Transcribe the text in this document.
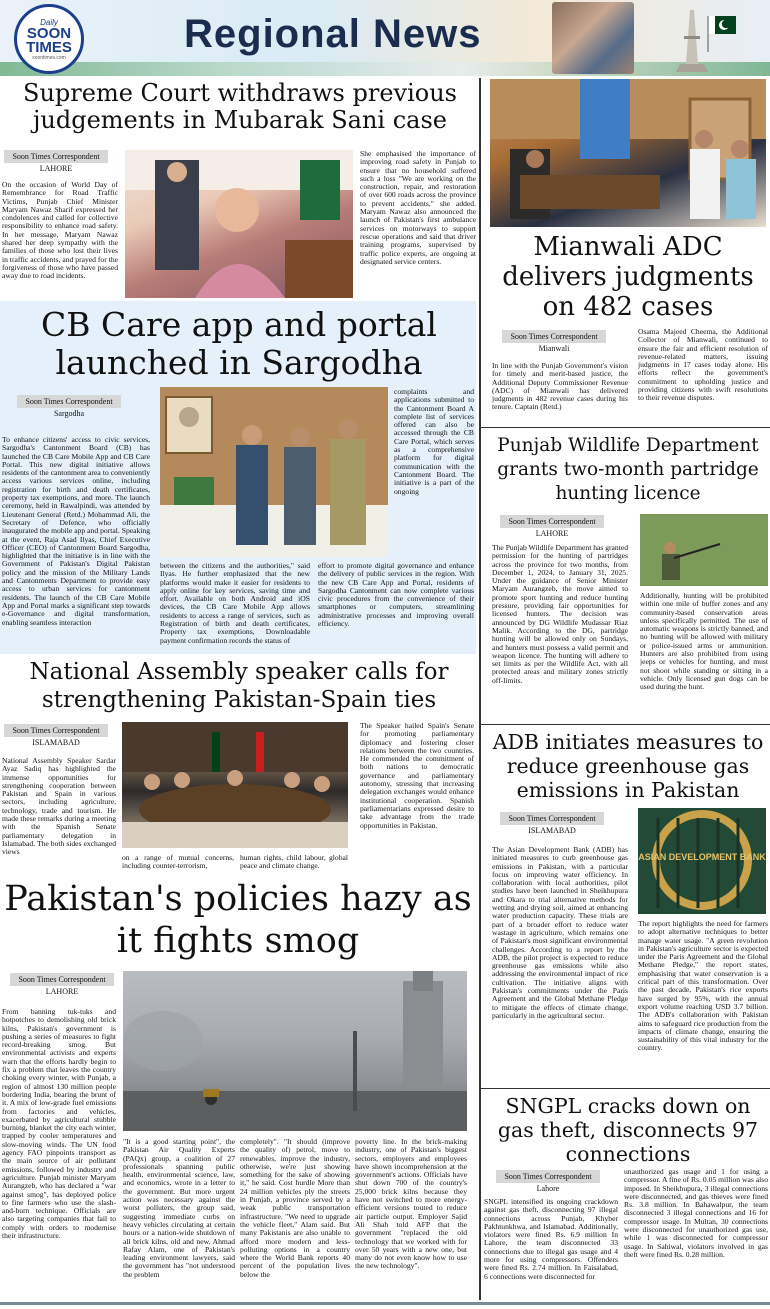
Daily
SOON
TIMES
soontimes.com
Regional News
Supreme Court withdraws previous judgements in Mubarak Sani case
Soon Times Correspondent
LAHORE
On the occasion of World Day of Remembrance for Road Traffic Victims, Punjab Chief Minister Maryam Nawaz Sharif expressed her condolences and called for collective responsibility to enhance road safety. In her message, Maryam Nawaz shared her deep sympathy with the families of those who lost their lives in traffic accidents, and prayed for the forgiveness of those who have passed away due to road incidents.
She emphasised the importance of improving road safety in Punjab to ensure that no household suffered such a loss "We are working on the construction, repair, and restoration of over 600 roads across the province to prevent accidents," she added. Maryam Nawaz also announced the launch of Pakistan's first ambulance services on motorways to support rescue operations and said that driver training programs, supervised by traffic police experts, are ongoing at designated service centers.
CB Care app and portal launched in Sargodha
Soon Times Correspondent
Sargodha
To enhance citizens' access to civic services, Sargodha's Cantonment Board (CB) has launched the CB Care Mobile App and CB Care Portal. This new digital initiative allows residents of the cantonment area to conveniently access various services online, including registration for birth and death certificates, property tax exemptions, and more. The launch ceremony, held in Rawalpindi, was attended by Lieutenant General (Retd.) Mohammad Ali, the Secretary of Defence, who officially inaugurated the mobile app and portal. Speaking at the event, Raja Asad Ilyas, Chief Executive Officer (CEO) of Cantonment Board Sargodha, highlighted that the initiative is in line with the Government of Pakistan's Digital Pakistan policy and the mission of the Military Lands and Cantonments Department to provide easy access to urban services for cantonment residents. The launch of the CB Care Mobile App and Portal marks a significant step towards e-Governance and digital transformation, enabling seamless interaction
complaints and applications submitted to the Cantonment Board A complete list of services offered can also be accessed through the CB Care Portal, which serves as a comprehensive platform for digital communication with the Cantonment Board. The initiative is a part of the ongoing
between the citizens and the authorities," said Ilyas. He further emphasized that the new platforms would make it easier for residents to apply online for key services, saving time and effort. Available on both Android and iOS devices, the CB Care Mobile App allows residents to access a range of services, such as Registration of birth and death certificates, Property tax exemptions, Downloadable payment confirmation records the status of
effort to promote digital governance and enhance the delivery of public services in the region. With the new CB Care App and Portal, residents of Sargodha Cantonment can now complete various civic procedures from the convenience of their smartphones or computers, streamlining administrative processes and improving overall efficiency.
National Assembly speaker calls for strengthening Pakistan-Spain ties
Soon Times Correspondent
ISLAMABAD
National Assembly Speaker Sardar Ayaz Sadiq has highlighted the immense opportunities for strengthening cooperation between Pakistan and Spain in various sectors, including agriculture, technology, trade and tourism. He made these remarks during a meeting with the Spanish Senate parliamentary delegation in Islamabad. The both sides exchanged views
on a range of mutual concerns, including counter-terrorism,
human rights, child labour, global peace and climate change.
The Speaker hailed Spain's Senate for promoting parliamentary diplomacy and fostering closer relations between the two countries. He commended the commitment of both nations to democratic governance and parliamentary autonomy, stressing that increasing delegation exchanges would enhance institutional cooperation. Spanish parliamentarians expressed desire to take advantage from the trade opportunities in Pakistan.
Pakistan's policies hazy as it fights smog
Soon Times Correspondent
LAHORE
From banning tuk-tuks and hotpotches to demolishing old brick kilns, Pakistan's government is pushing a series of measures to fight record-breaking smog. But environmental activists and experts warn that the efforts hardly begin to fix a problem that leaves the country choking every winter, with Punjab, a region of almost 130 million people bordering India, bearing the brunt of it. A mix of low-grade fuel emissions from factories and vehicles, exacerbated by agricultural stubble burning, blanket the city each winter, trapped by cooler temperatures and slow-moving winds. The UN food agency FAO pinpoints transport as the main source of air pollutant emissions, followed by industry and agriculture. Punjab minister Maryam Aurangzeb, who has declared a "war against smog", has deployed police to fine farmers who use the slash-and-burn technique. Officials are also targeting companies that fail to comply with orders to modernise their infrastructure.
"It is a good starting point", the Pakistan Air Quality Experts (PAQx) group, a coalition of 27 professionals spanning public health, environmental science, law, and economics, wrote in a letter to the government. But more urgent action was necessary against the worst polluters, the group said, suggesting immediate curbs on heavy vehicles circulating at certain hours or a nation-wide shutdown of all brick kilns, old and new. Ahmad Rafay Alam, one of Pakistan's leading environment lawyers, said the government has "not understood the problem
completely". "It should (improve the quality of) petrol, move to renewables, improve the industry, otherwise, we're just showing something for the sake of showing it," he said. Cost hurdle More than 24 million vehicles ply the streets in Punjab, a province served by a weak public transportation infrastructure. "We need to upgrade the vehicle fleet," Alam said. But many Pakistanis are also unable to afford more modern and less-polluting options in a country where the World Bank reports 40 percent of the population lives below the
poverty line. In the brick-making industry, one of Pakistan's biggest sectors, employers and employees have shown incomprehension at the government's actions. Officials have shut down 700 of the country's 25,000 brick kilns because they have not switched to more energy-efficient versions touted to reduce air particle output. Employer Sajid Ali Shah told AFP that the government "replaced the old technology that we worked with for over 50 years with a new one, but many do not even know how to use the new technology".
Mianwali ADC delivers judgments on 482 cases
Soon Times Correspondent
Mianwali
In line with the Punjab Government's vision for timely and merit-based justice, the Additional Deputy Commissioner Revenue (ADC) of Mianwali has delivered judgments in 482 revenue cases during his tenure. Captain (Retd.)
Osama Majeed Cheema, the Additional Collector of Mianwali, continued to ensure the fair and efficient resolution of revenue-related matters, issuing judgments in 17 cases today alone. His efforts reflect the government's commitment to upholding justice and providing citizens with swift resolutions to their revenue disputes.
Punjab Wildlife Department grants two-month partridge hunting licence
Soon Times Correspondent
LAHORE
The Punjab Wildlife Department has granted permission for the hunting of partridges across the province for two months, from December 1, 2024, to January 31, 2025. Under the guidance of Senior Minister Maryam Aurangzeb, the move aimed to promote sport hunting and reduce hunting pressure, providing fair opportunities for licensed hunters. The decision was announced by DG Wildlife Mudassar Riaz Malik. According to the DG, partridge hunting will be allowed only on Sundays, and hunters must possess a valid permit and weapon licence. The hunting will adhere to set limits as per the Wildlife Act, with all protected areas and military zones strictly off-limits.
Additionally, hunting will be prohibited within one mile of buffer zones and any community-based conservation areas unless specifically permitted. The use of automatic weapons is strictly banned, and no hunting will be allowed with military or police-issued arms or ammunition. Hunters are also prohibited from using jeeps or vehicles for hunting, and must not shoot while standing or sitting in a vehicle. Only licensed gun dogs can be used during the hunt.
ADB initiates measures to reduce greenhouse gas emissions in Pakistan
Soon Times Correspondent
ISLAMABAD
The Asian Development Bank (ADB) has initiated measures to curb greenhouse gas emissions in Pakistan, with a particular focus on improving water efficiency. In collaboration with local authorities, pilot studies have been launched in Sheikhupura and Okara to trial alternative methods for wetting and drying soil, aimed at enhancing water production capacity. These trials are part of a broader effort to reduce water wastage in agriculture, which remains one of Pakistan's most significant environmental challenges. According to a report by the ADB, the pilot project is expected to reduce greenhouse gas emissions while also addressing the environmental impact of rice cultivation. The initiative aligns with Pakistan's commitments under the Paris Agreement and the Global Methane Pledge to mitigate the effects of climate change, particularly in the agricultural sector.
ASIAN DEVELOPMENT BANK
The report highlights the need for farmers to adopt alternative techniques to better manage water usage. "A green revolution in Pakistan's agriculture sector is expected under the Paris Agreement and the Global Methane Pledge," the report states, emphasising that water conservation is a critical part of this transformation. Over the past decade, Pakistan's rice exports have surged by 95%, with the annual export volume reaching USD 3.7 billion. The ADB's collaboration with Pakistan aims to safeguard rice production from the impacts of climate change, ensuring the sustainability of this vital industry for the country.
SNGPL cracks down on gas theft, disconnects 97 connections
Soon Times Correspondent
Lahore
SNGPL intensified its ongoing crackdown against gas theft, disconnecting 97 illegal connections across Punjab, Khyber Pakhtunkhwa, and Islamabad. Additionally, violators were fined Rs. 6.9 million In Lahore, the team disconnected 33 connections due to illegal gas usage and 4 more for using compressors. Offenders were fined Rs. 2.74 million. In Faisalabad, 6 connections were disconnected for
unauthorized gas usage and 1 for using a compressor. A fine of Rs. 0.05 million was also imposed. In Sheikhupura, 3 illegal connections were disconnected, and gas thieves were fined Rs. 3.8 million. In Bahawalpur, the team disconnected 3 illegal connections and 16 for compressor usage. In Multan, 30 connections were disconnected for unauthorized gas use, while 1 was disconnected for compressor usage. In Sahiwal, violators involved in gas theft were fined Rs. 0.28 million.
